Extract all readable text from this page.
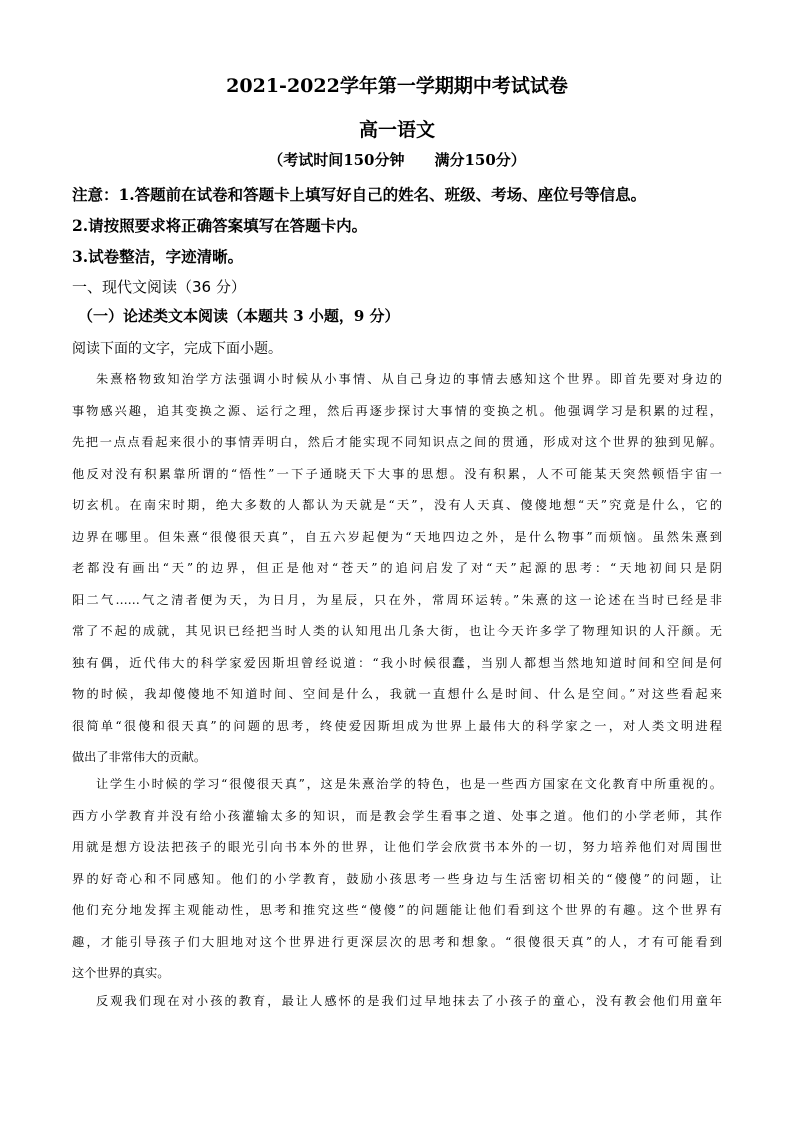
2021-2022学年第一学期期中考试试卷
高一语文
（考试时间150分钟 满分150分）
注意：1.答题前在试卷和答题卡上填写好自己的姓名、班级、考场、座位号等信息。
2.请按照要求将正确答案填写在答题卡内。
3.试卷整洁，字迹清晰。
一、现代文阅读（36 分）
（一）论述类文本阅读（本题共 3 小题，9 分）
阅读下面的文字，完成下面小题。
朱熹格物致知治学方法强调小时候从小事情、从自己身边的事情去感知这个世界。即首先要对身边的
事物感兴趣，追其变换之源、运行之理，然后再逐步探讨大事情的变换之机。他强调学习是积累的过程，
先把一点点看起来很小的事情弄明白，然后才能实现不同知识点之间的贯通，形成对这个世界的独到见解。
他反对没有积累靠所谓的“悟性”一下子通晓天下大事的思想。没有积累，人不可能某天突然顿悟宇宙一
切玄机。在南宋时期，绝大多数的人都认为天就是“天”，没有人天真、傻傻地想“天”究竟是什么，它的
边界在哪里。但朱熹“很傻很天真”，自五六岁起便为“天地四边之外，是什么物事”而烦恼。虽然朱熹到
老都没有画出“天”的边界，但正是他对“苍天”的追问启发了对“天”起源的思考：“天地初间只是阴
阳二气……气之清者便为天，为日月，为星辰，只在外，常周环运转。”朱熹的这一论述在当时已经是非
常了不起的成就，其见识已经把当时人类的认知甩出几条大街，也让今天许多学了物理知识的人汗颜。无
独有偶，近代伟大的科学家爱因斯坦曾经说道：“我小时候很蠢，当别人都想当然地知道时间和空间是何
物的时候，我却傻傻地不知道时间、空间是什么，我就一直想什么是时间、什么是空间。”对这些看起来
很简单“很傻和很天真”的问题的思考，终使爱因斯坦成为世界上最伟大的科学家之一，对人类文明进程
做出了非常伟大的贡献。
让学生小时候的学习“很傻很天真”，这是朱熹治学的特色，也是一些西方国家在文化教育中所重视的。
西方小学教育并没有给小孩灌输太多的知识，而是教会学生看事之道、处事之道。他们的小学老师，其作
用就是想方设法把孩子的眼光引向书本外的世界，让他们学会欣赏书本外的一切，努力培养他们对周围世
界的好奇心和不同感知。他们的小学教育，鼓励小孩思考一些身边与生活密切相关的“傻傻”的问题，让
他们充分地发挥主观能动性，思考和推究这些“傻傻”的问题能让他们看到这个世界的有趣。这个世界有
趣，才能引导孩子们大胆地对这个世界进行更深层次的思考和想象。“很傻很天真”的人，才有可能看到
这个世界的真实。
反观我们现在对小孩的教育，最让人感怀的是我们过早地抹去了小孩子的童心，没有教会他们用童年
